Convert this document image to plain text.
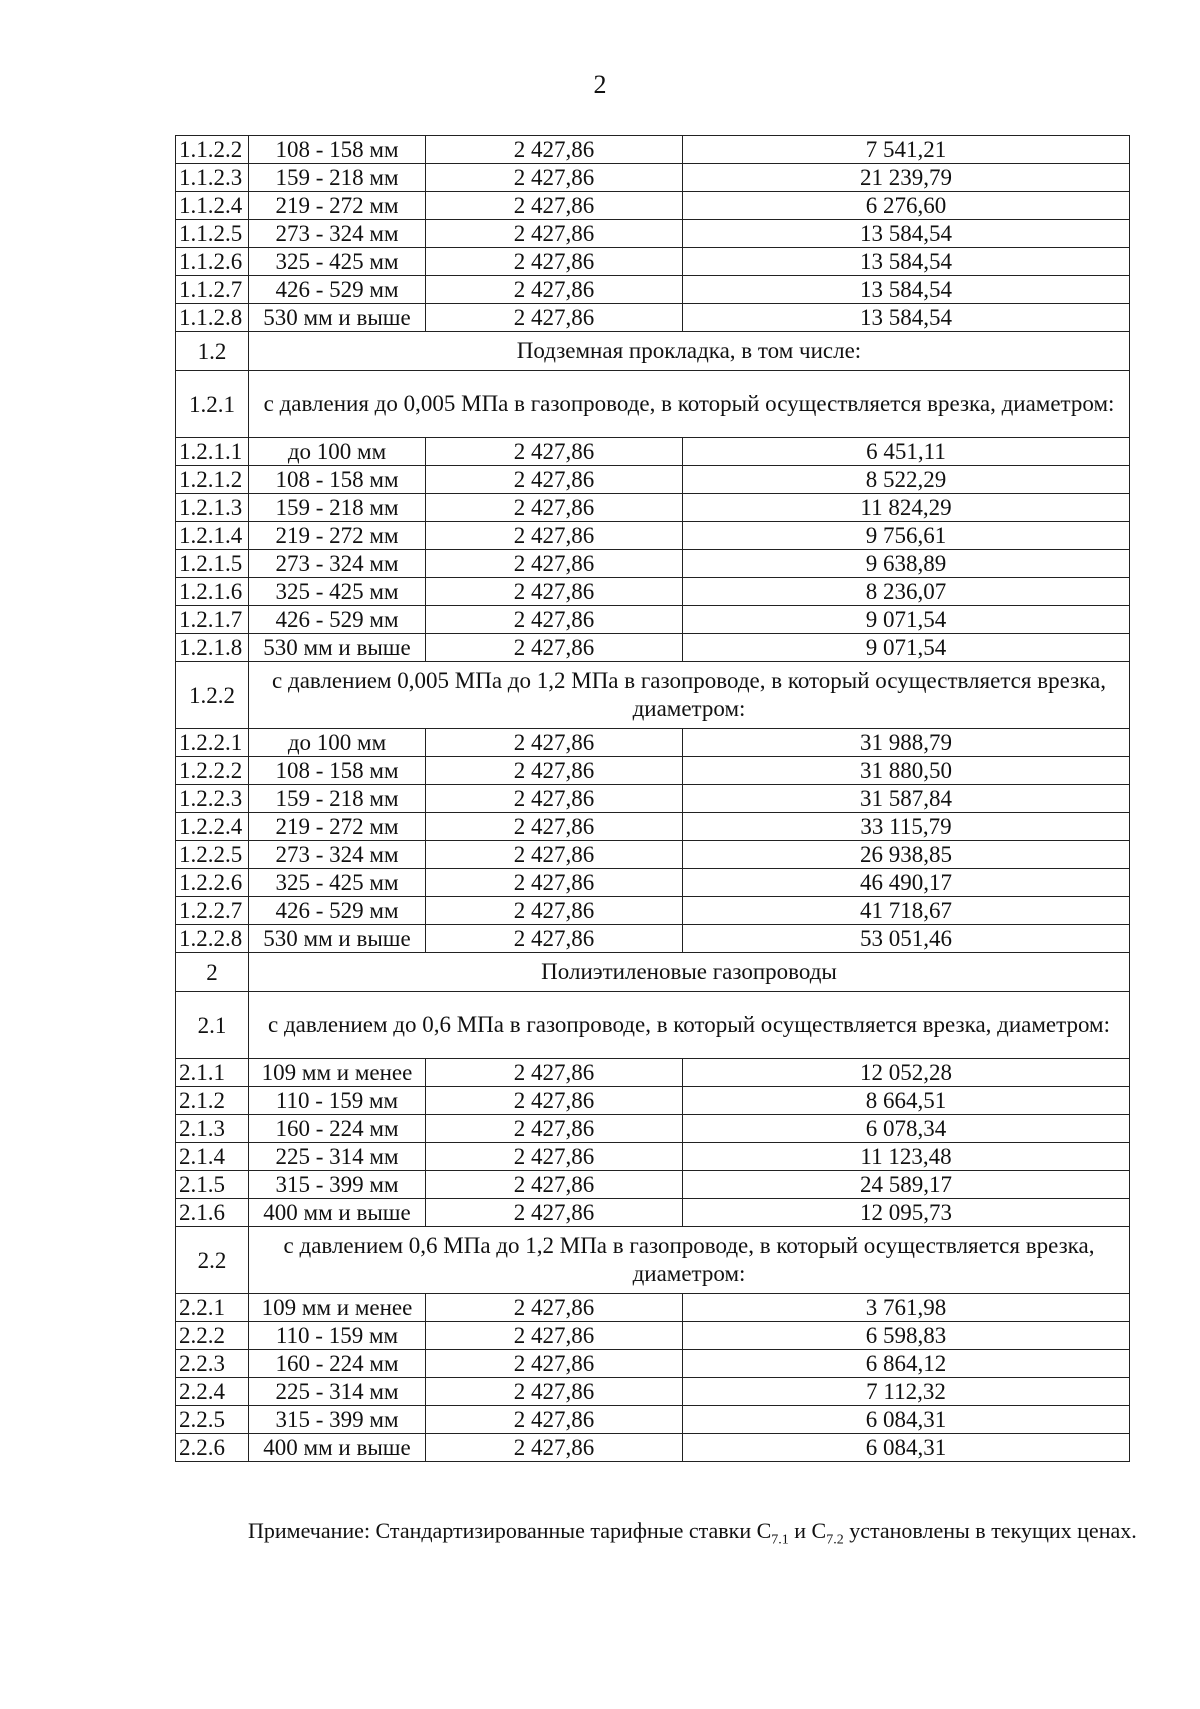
2
1.1.2.2	108 - 158 мм	2 427,86	7 541,21
1.1.2.3	159 - 218 мм	2 427,86	21 239,79
1.1.2.4	219 - 272 мм	2 427,86	6 276,60
1.1.2.5	273 - 324 мм	2 427,86	13 584,54
1.1.2.6	325 - 425 мм	2 427,86	13 584,54
1.1.2.7	426 - 529 мм	2 427,86	13 584,54
1.1.2.8	530 мм и выше	2 427,86	13 584,54
1.2	Подземная прокладка, в том числе:		
1.2.1	с давления до 0,005 МПа в газопроводе, в который осуществляется врезка, диаметром:		
1.2.1.1	до 100 мм	2 427,86	6 451,11
1.2.1.2	108 - 158 мм	2 427,86	8 522,29
1.2.1.3	159 - 218 мм	2 427,86	11 824,29
1.2.1.4	219 - 272 мм	2 427,86	9 756,61
1.2.1.5	273 - 324 мм	2 427,86	9 638,89
1.2.1.6	325 - 425 мм	2 427,86	8 236,07
1.2.1.7	426 - 529 мм	2 427,86	9 071,54
1.2.1.8	530 мм и выше	2 427,86	9 071,54
1.2.2	с давлением 0,005 МПа до 1,2 МПа в газопроводе, в который осуществляется врезка, диаметром:		
1.2.2.1	до 100 мм	2 427,86	31 988,79
1.2.2.2	108 - 158 мм	2 427,86	31 880,50
1.2.2.3	159 - 218 мм	2 427,86	31 587,84
1.2.2.4	219 - 272 мм	2 427,86	33 115,79
1.2.2.5	273 - 324 мм	2 427,86	26 938,85
1.2.2.6	325 - 425 мм	2 427,86	46 490,17
1.2.2.7	426 - 529 мм	2 427,86	41 718,67
1.2.2.8	530 мм и выше	2 427,86	53 051,46
2	Полиэтиленовые газопроводы		
2.1	с давлением до 0,6 МПа в газопроводе, в который осуществляется врезка, диаметром:		
2.1.1	109 мм и менее	2 427,86	12 052,28
2.1.2	110 - 159 мм	2 427,86	8 664,51
2.1.3	160 - 224 мм	2 427,86	6 078,34
2.1.4	225 - 314 мм	2 427,86	11 123,48
2.1.5	315 - 399 мм	2 427,86	24 589,17
2.1.6	400 мм и выше	2 427,86	12 095,73
2.2	с давлением 0,6 МПа до 1,2 МПа в газопроводе, в который осуществляется врезка, диаметром:		
2.2.1	109 мм и менее	2 427,86	3 761,98
2.2.2	110 - 159 мм	2 427,86	6 598,83
2.2.3	160 - 224 мм	2 427,86	6 864,12
2.2.4	225 - 314 мм	2 427,86	7 112,32
2.2.5	315 - 399 мм	2 427,86	6 084,31
2.2.6	400 мм и выше	2 427,86	6 084,31
Примечание: Стандартизированные тарифные ставки $С_{7.1}$ и $С_{7.2}$ установлены в текущих ценах.
